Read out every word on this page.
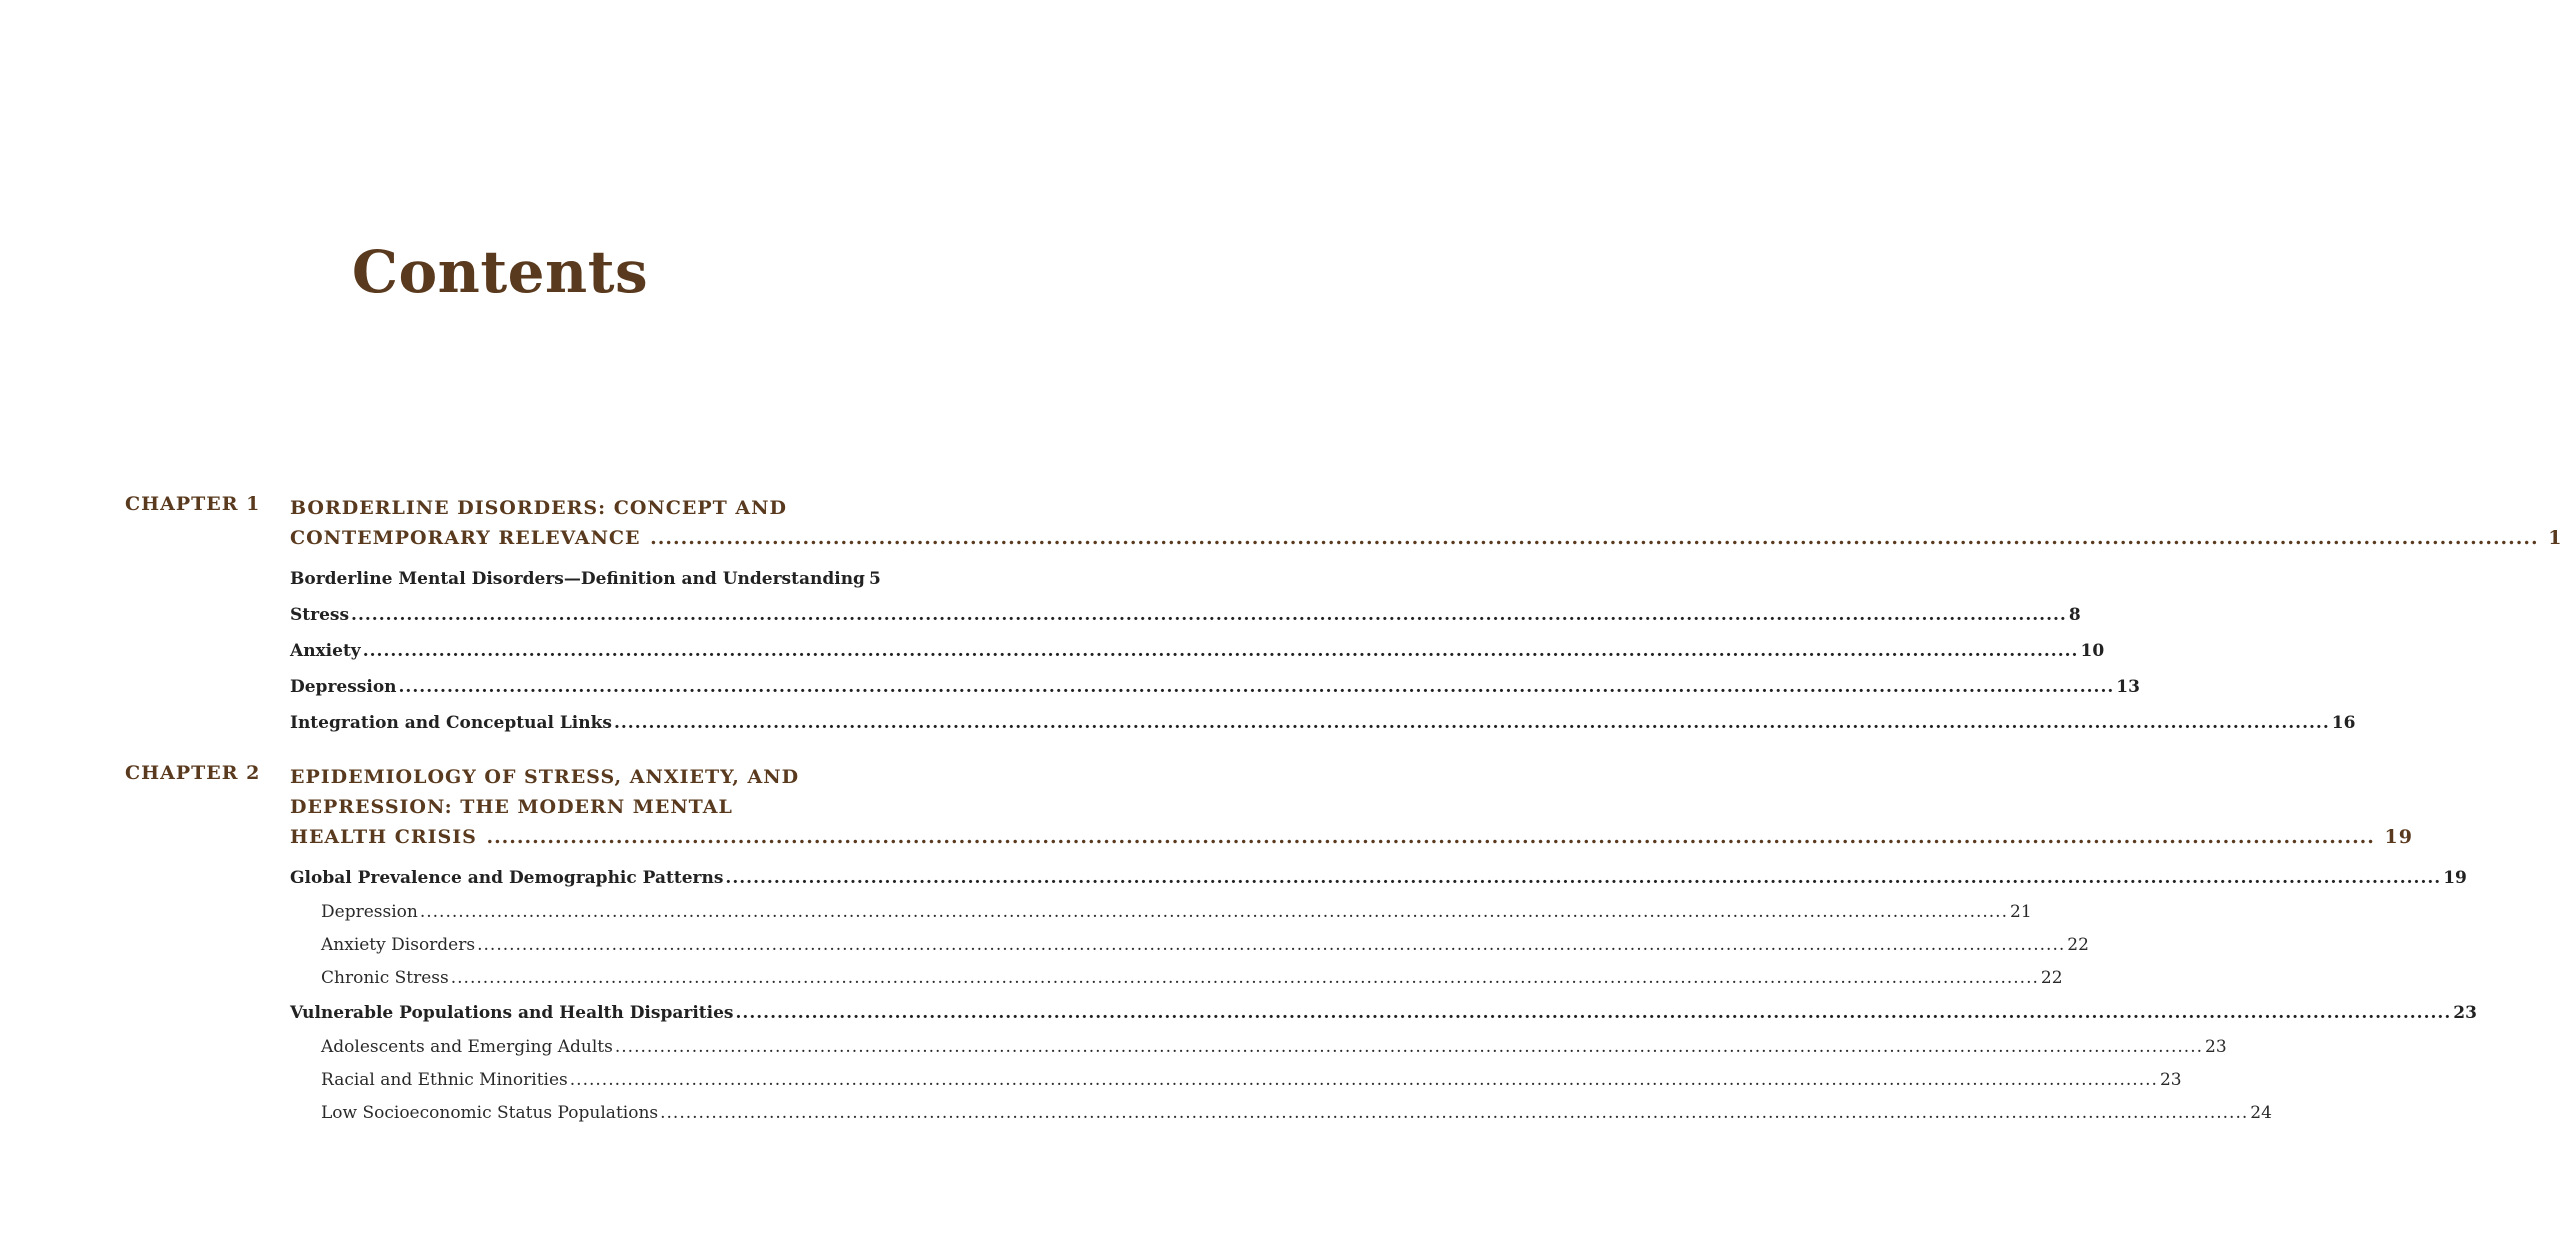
Contents
CHAPTER 1 BORDERLINE DISORDERS: CONCEPT AND
CONTEMPORARY RELEVANCE .....	1
Borderline Mental Disorders—Definition and Understanding 5
Stress .....	8
Anxiety .....	10
Depression .....	13
Integration and Conceptual Links .....	16
CHAPTER 2 EPIDEMIOLOGY OF STRESS, ANXIETY, AND
DEPRESSION: THE MODERN MENTAL
HEALTH CRISIS .....	19
Global Prevalence and Demographic Patterns .....	19
Depression .....	21
Anxiety Disorders .....	22
Chronic Stress .....	22
Vulnerable Populations and Health Disparities .....	23
Adolescents and Emerging Adults .....	23
Racial and Ethnic Minorities .....	23
Low Socioeconomic Status Populations .....	24
